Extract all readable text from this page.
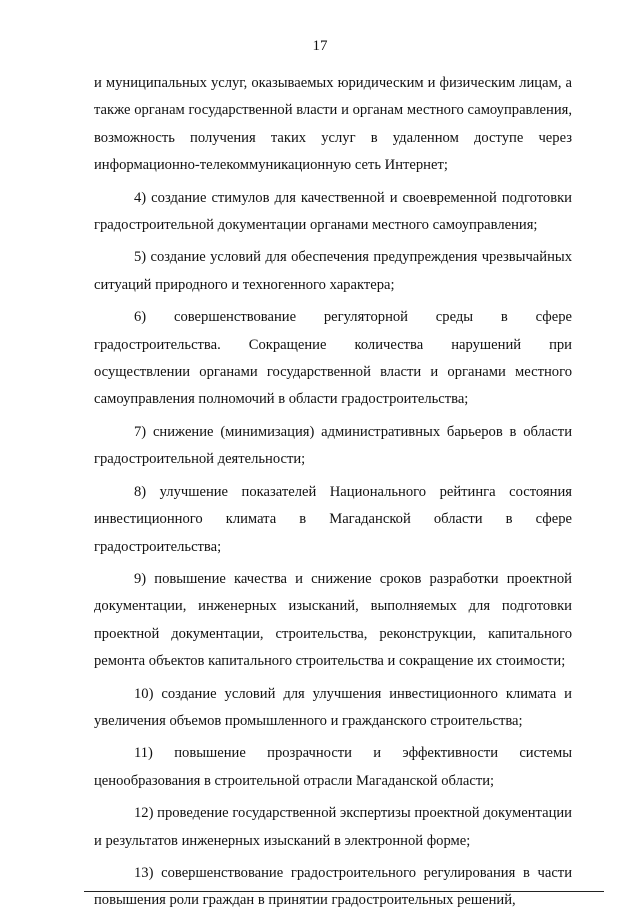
17

и муниципальных услуг, оказываемых юридическим и физическим лицам, а также органам государственной власти и органам местного самоуправления, возможность получения таких услуг в удаленном доступе через информационно-телекоммуникационную сеть Интернет;

4) создание стимулов для качественной и своевременной подготовки градостроительной документации органами местного самоуправления;

5) создание условий для обеспечения предупреждения чрезвычайных ситуаций природного и техногенного характера;

6) совершенствование регуляторной среды в сфере градостроительства. Сокращение количества нарушений при осуществлении органами государственной власти и органами местного самоуправления полномочий в области градостроительства;

7) снижение (минимизация) административных барьеров в области градостроительной деятельности;

8) улучшение показателей Национального рейтинга состояния инвестиционного климата в Магаданской области в сфере градостроительства;

9) повышение качества и снижение сроков разработки проектной документации, инженерных изысканий, выполняемых для подготовки проектной документации, строительства, реконструкции, капитального ремонта объектов капитального строительства и сокращение их стоимости;

10) создание условий для улучшения инвестиционного климата и увеличения объемов промышленного и гражданского строительства;

11) повышение прозрачности и эффективности системы ценообразования в строительной отрасли Магаданской области;

12) проведение государственной экспертизы проектной документации и результатов инженерных изысканий в электронной форме;

13) совершенствование градостроительного регулирования в части повышения роли граждан в принятии градостроительных решений,
